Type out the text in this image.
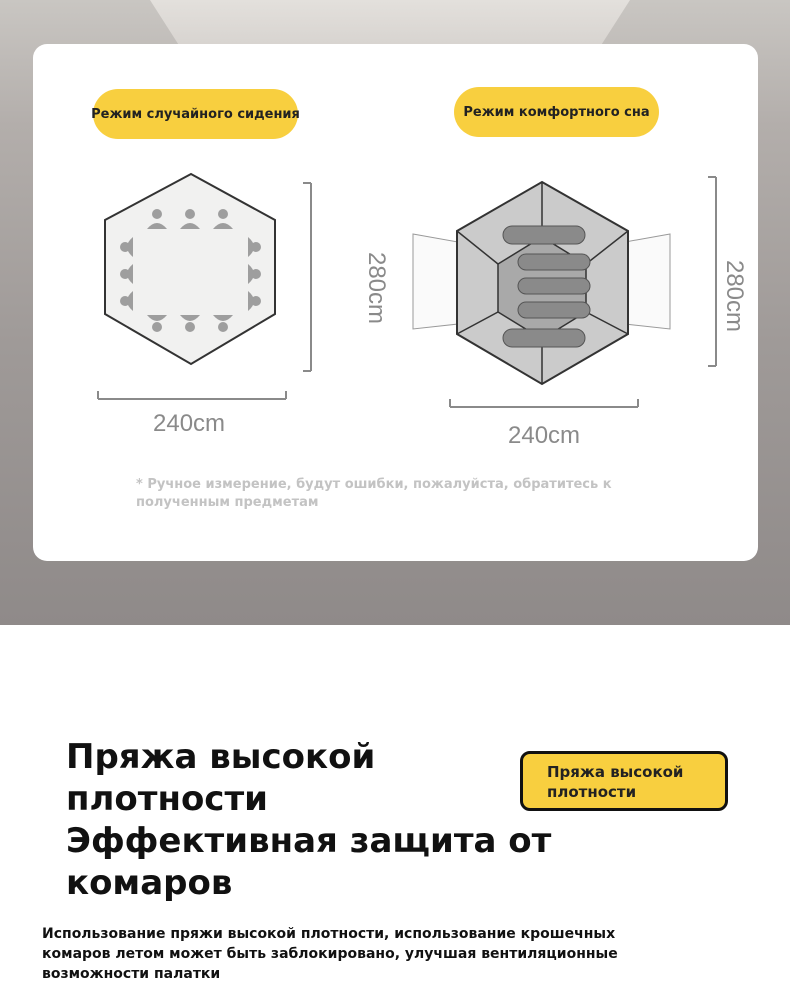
Режим случайного сидения	Режим комфортного сна
240cm
280cm
240cm
280cm
* Ручное измерение, будут ошибки, пожалуйста, обратитесь к полученным предметам
Пряжа высокой плотности
Эффективная защита от комаров
Пряжа высокой плотности
Использование пряжи высокой плотности, использование крошечных комаров летом может быть заблокировано, улучшая вентиляционные возможности палатки
